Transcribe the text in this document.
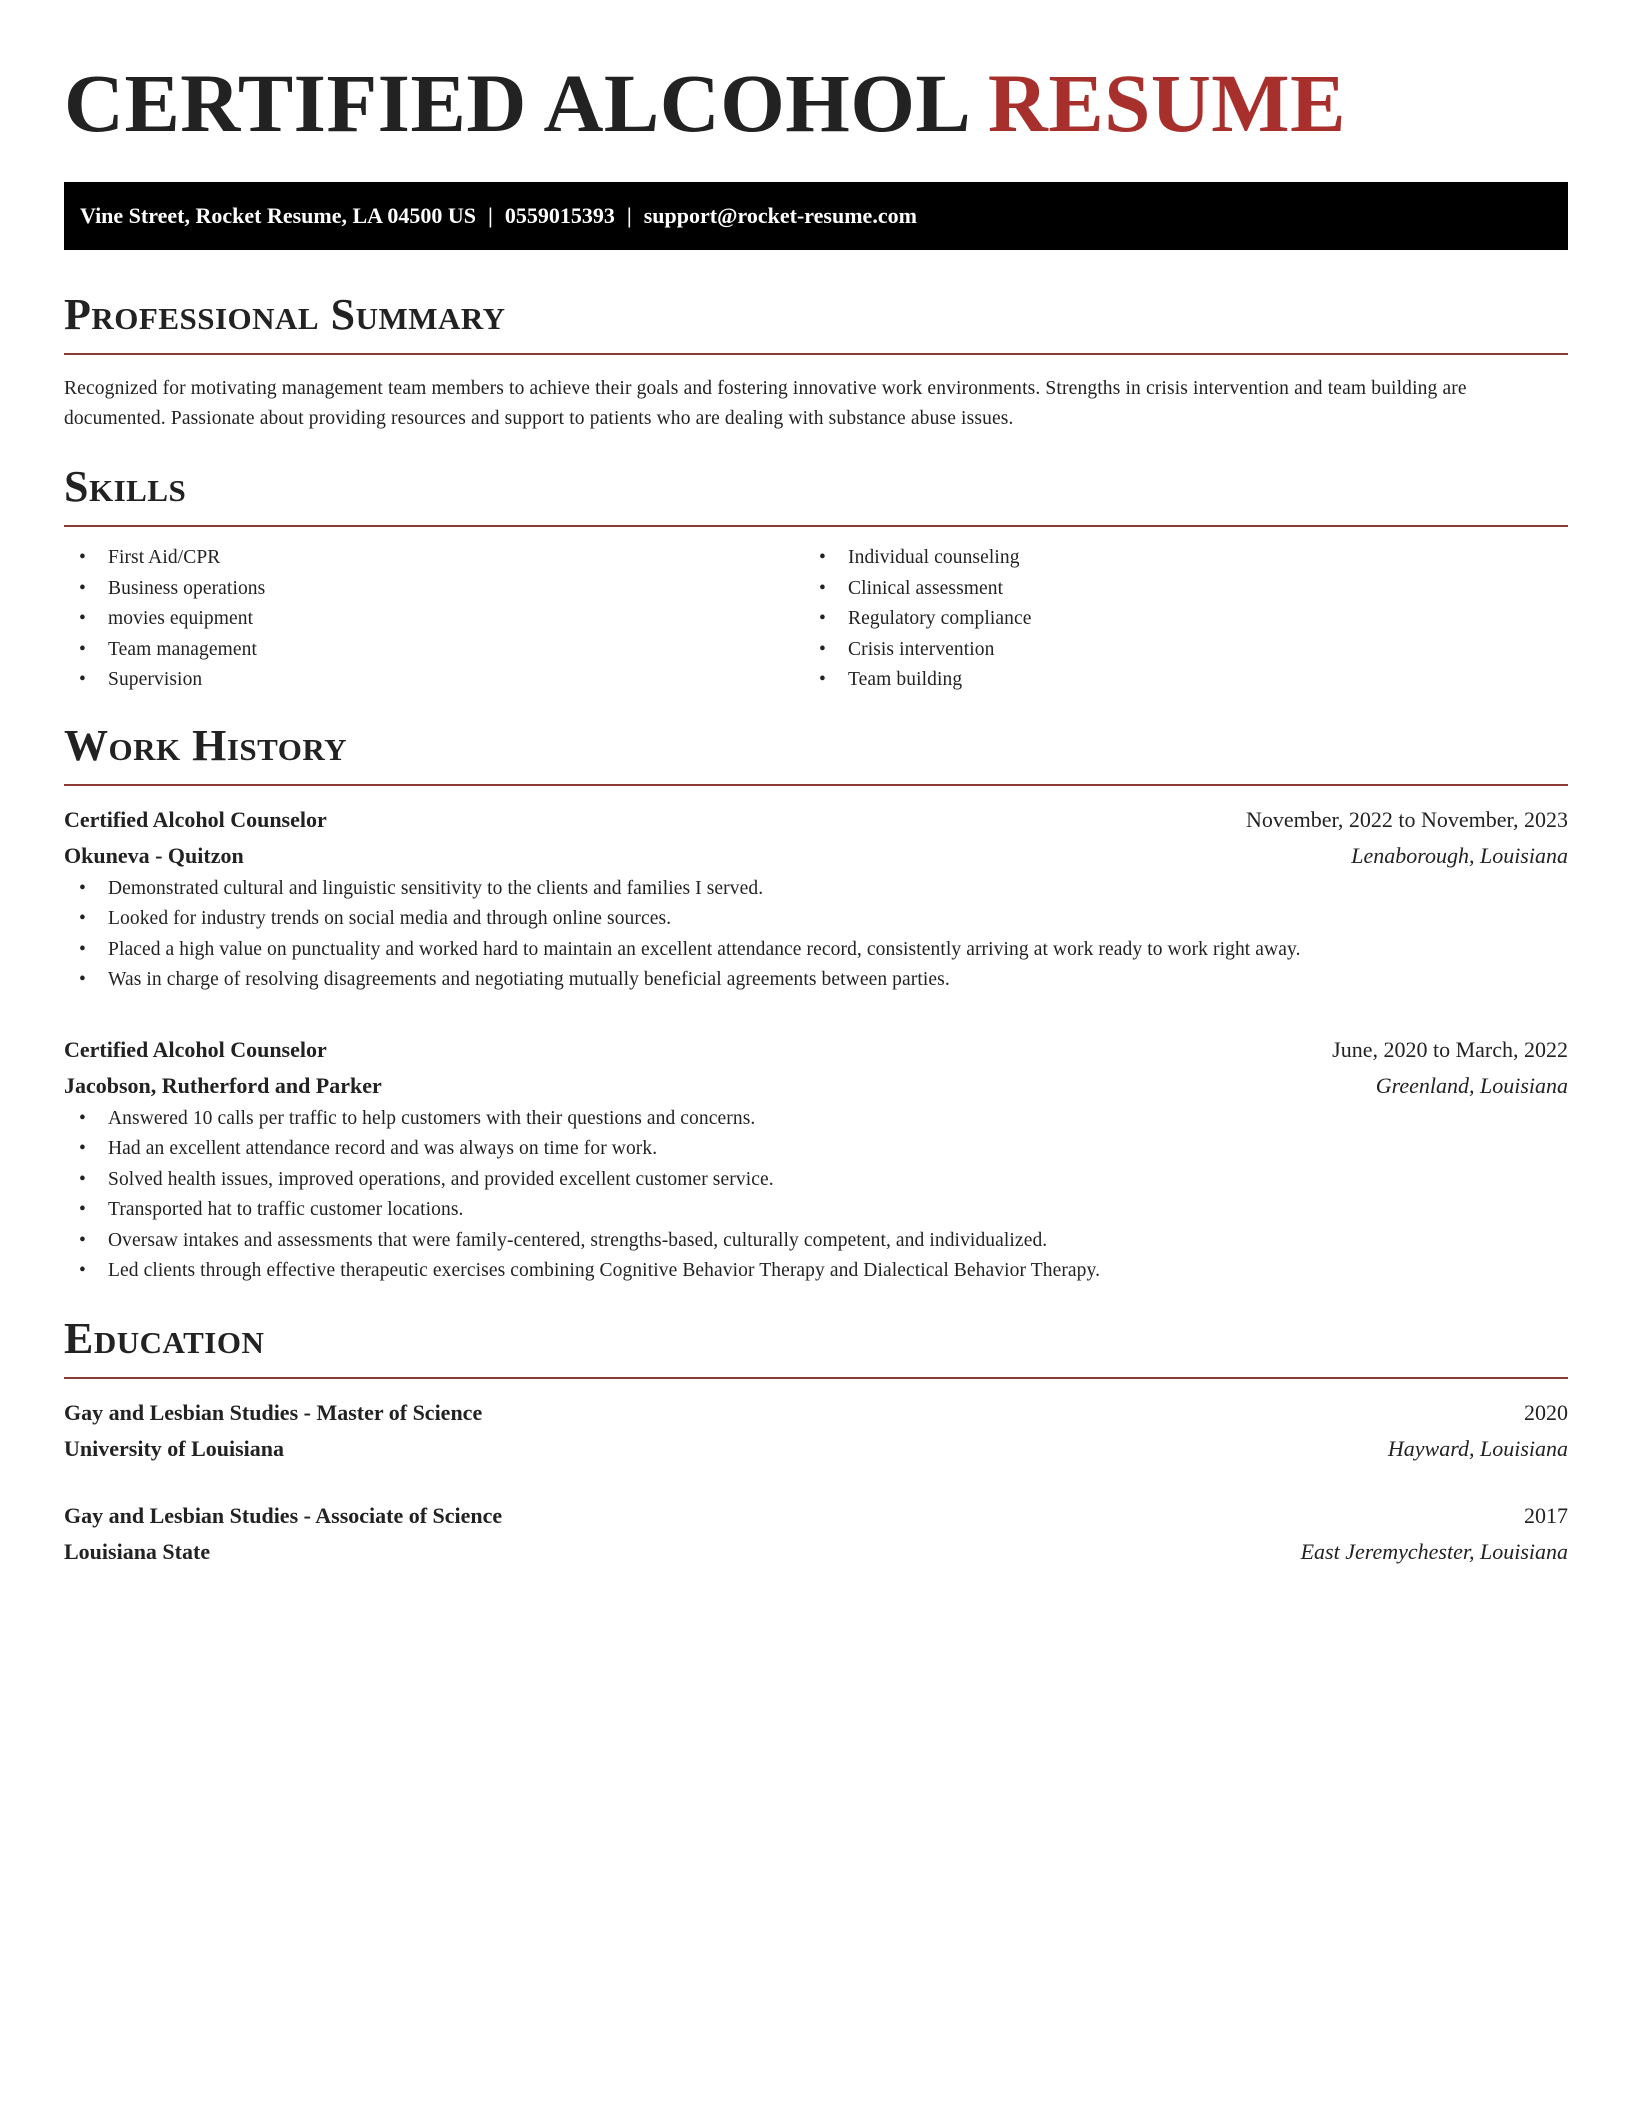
CERTIFIED ALCOHOL RESUME
Vine Street, Rocket Resume, LA 04500 US | 0559015393 | support@rocket-resume.com
Professional Summary

Recognized for motivating management team members to achieve their goals and fostering innovative work environments. Strengths in crisis intervention and team building are documented. Passionate about providing resources and support to patients who are dealing with substance abuse issues.

Skills
• First Aid/CPR
• Business operations
• movies equipment
• Team management
• Supervision
• Individual counseling
• Clinical assessment
• Regulatory compliance
• Crisis intervention
• Team building
Work History
Certified Alcohol Counselor	November, 2022 to November, 2023
Okuneva - Quitzon	Lenaborough, Louisiana
• Demonstrated cultural and linguistic sensitivity to the clients and families I served.
• Looked for industry trends on social media and through online sources.
• Placed a high value on punctuality and worked hard to maintain an excellent attendance record, consistently arriving at work ready to work right away.
• Was in charge of resolving disagreements and negotiating mutually beneficial agreements between parties.
Certified Alcohol Counselor	June, 2020 to March, 2022
Jacobson, Rutherford and Parker	Greenland, Louisiana
• Answered 10 calls per traffic to help customers with their questions and concerns.
• Had an excellent attendance record and was always on time for work.
• Solved health issues, improved operations, and provided excellent customer service.
• Transported hat to traffic customer locations.
• Oversaw intakes and assessments that were family-centered, strengths-based, culturally competent, and individualized.
• Led clients through effective therapeutic exercises combining Cognitive Behavior Therapy and Dialectical Behavior Therapy.
Education
Gay and Lesbian Studies - Master of Science	2020
University of Louisiana	Hayward, Louisiana
Gay and Lesbian Studies - Associate of Science	2017
Louisiana State	East Jeremychester, Louisiana
